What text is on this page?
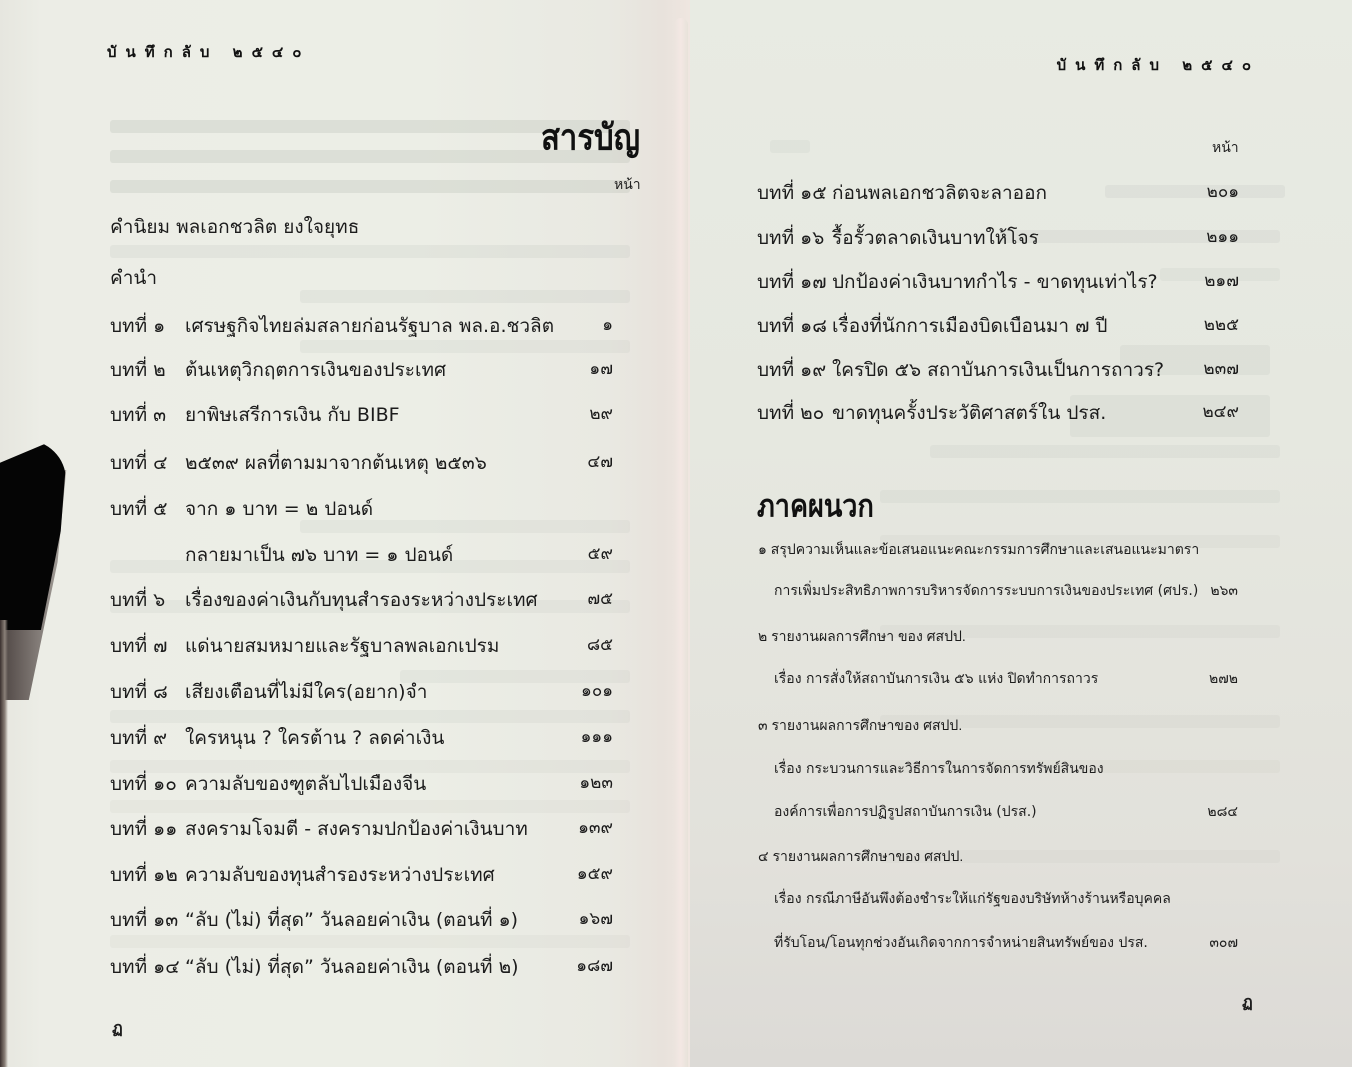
บันทึกลับ ๒๕๔๐
สารบัญ
หน้า
คำนิยม พลเอกชวลิต ยงใจยุทธ
คำนำ
บทที่ ๑	เศรษฐกิจไทยล่มสลายก่อนรัฐบาล พล.อ.ชวลิต	๑
บทที่ ๒	ต้นเหตุวิกฤตการเงินของประเทศ	๑๗
บทที่ ๓ ยาพิษเสรีการเงิน กับ BIBF	๒๙
บทที่ ๔ ๒๕๓๙ ผลที่ตามมาจากต้นเหตุ ๒๕๓๖	๔๗
บทที่ ๕ จาก ๑ บาท = ๒ ปอนด์
กลายมาเป็น ๗๖ บาท = ๑ ปอนด์	๕๙
บทที่ ๖	เรื่องของค่าเงินกับทุนสำรองระหว่างประเทศ	๗๕
บทที่ ๗ แด่นายสมหมายและรัฐบาลพลเอกเปรม	๘๕
บทที่ ๘ เสียงเตือนที่ไม่มีใคร(อยาก)จำ	๑๐๑
บทที่ ๙ ใครหนุน ? ใครต้าน ? ลดค่าเงิน	๑๑๑
บทที่ ๑๐ ความลับของฑูตลับไปเมืองจีน	๑๒๓
บทที่ ๑๑ สงครามโจมตี - สงครามปกป้องค่าเงินบาท	๑๓๙
บทที่ ๑๒ ความลับของทุนสำรองระหว่างประเทศ	๑๕๙
บทที่ ๑๓ “ลับ (ไม่) ที่สุด” วันลอยค่าเงิน (ตอนที่ ๑)	๑๖๗
บทที่ ๑๔ “ลับ (ไม่) ที่สุด” วันลอยค่าเงิน (ตอนที่ ๒)	๑๘๗
ฏ
บันทึกลับ ๒๕๔๐
หน้า
บทที่ ๑๕ ก่อนพลเอกชวลิตจะลาออก	๒๐๑
บทที่ ๑๖ รื้อรั้วตลาดเงินบาทให้โจร	๒๑๑
บทที่ ๑๗ ปกป้องค่าเงินบาทกำไร - ขาดทุนเท่าไร?	๒๑๗
บทที่ ๑๘ เรื่องที่นักการเมืองบิดเบือนมา ๗ ปี	๒๒๕
บทที่ ๑๙ ใครปิด ๕๖ สถาบันการเงินเป็นการถาวร?	๒๓๗
บทที่ ๒๐ ขาดทุนครั้งประวัติศาสตร์ใน ปรส.	๒๔๙
ภาคผนวก
๑ สรุปความเห็นและข้อเสนอแนะคณะกรรมการศึกษาและเสนอแนะมาตรา
การเพิ่มประสิทธิภาพการบริหารจัดการระบบการเงินของประเทศ (ศปร.) ๒๖๓
๒ รายงานผลการศึกษา ของ ศสปป.
เรื่อง การสั่งให้สถาบันการเงิน ๕๖ แห่ง ปิดทำการถาวร	๒๗๒
๓ รายงานผลการศึกษาของ ศสปป.
เรื่อง กระบวนการและวิธีการในการจัดการทรัพย์สินของ
องค์การเพื่อการปฏิรูปสถาบันการเงิน (ปรส.)	๒๘๔
๔ รายงานผลการศึกษาของ ศสปป.
เรื่อง กรณีภาษีอันพึงต้องชำระให้แก่รัฐของบริษัทห้างร้านหรือบุคคล
ที่รับโอน/โอนทุกช่วงอันเกิดจากการจำหน่ายสินทรัพย์ของ ปรส.	๓๐๗
ฏ
